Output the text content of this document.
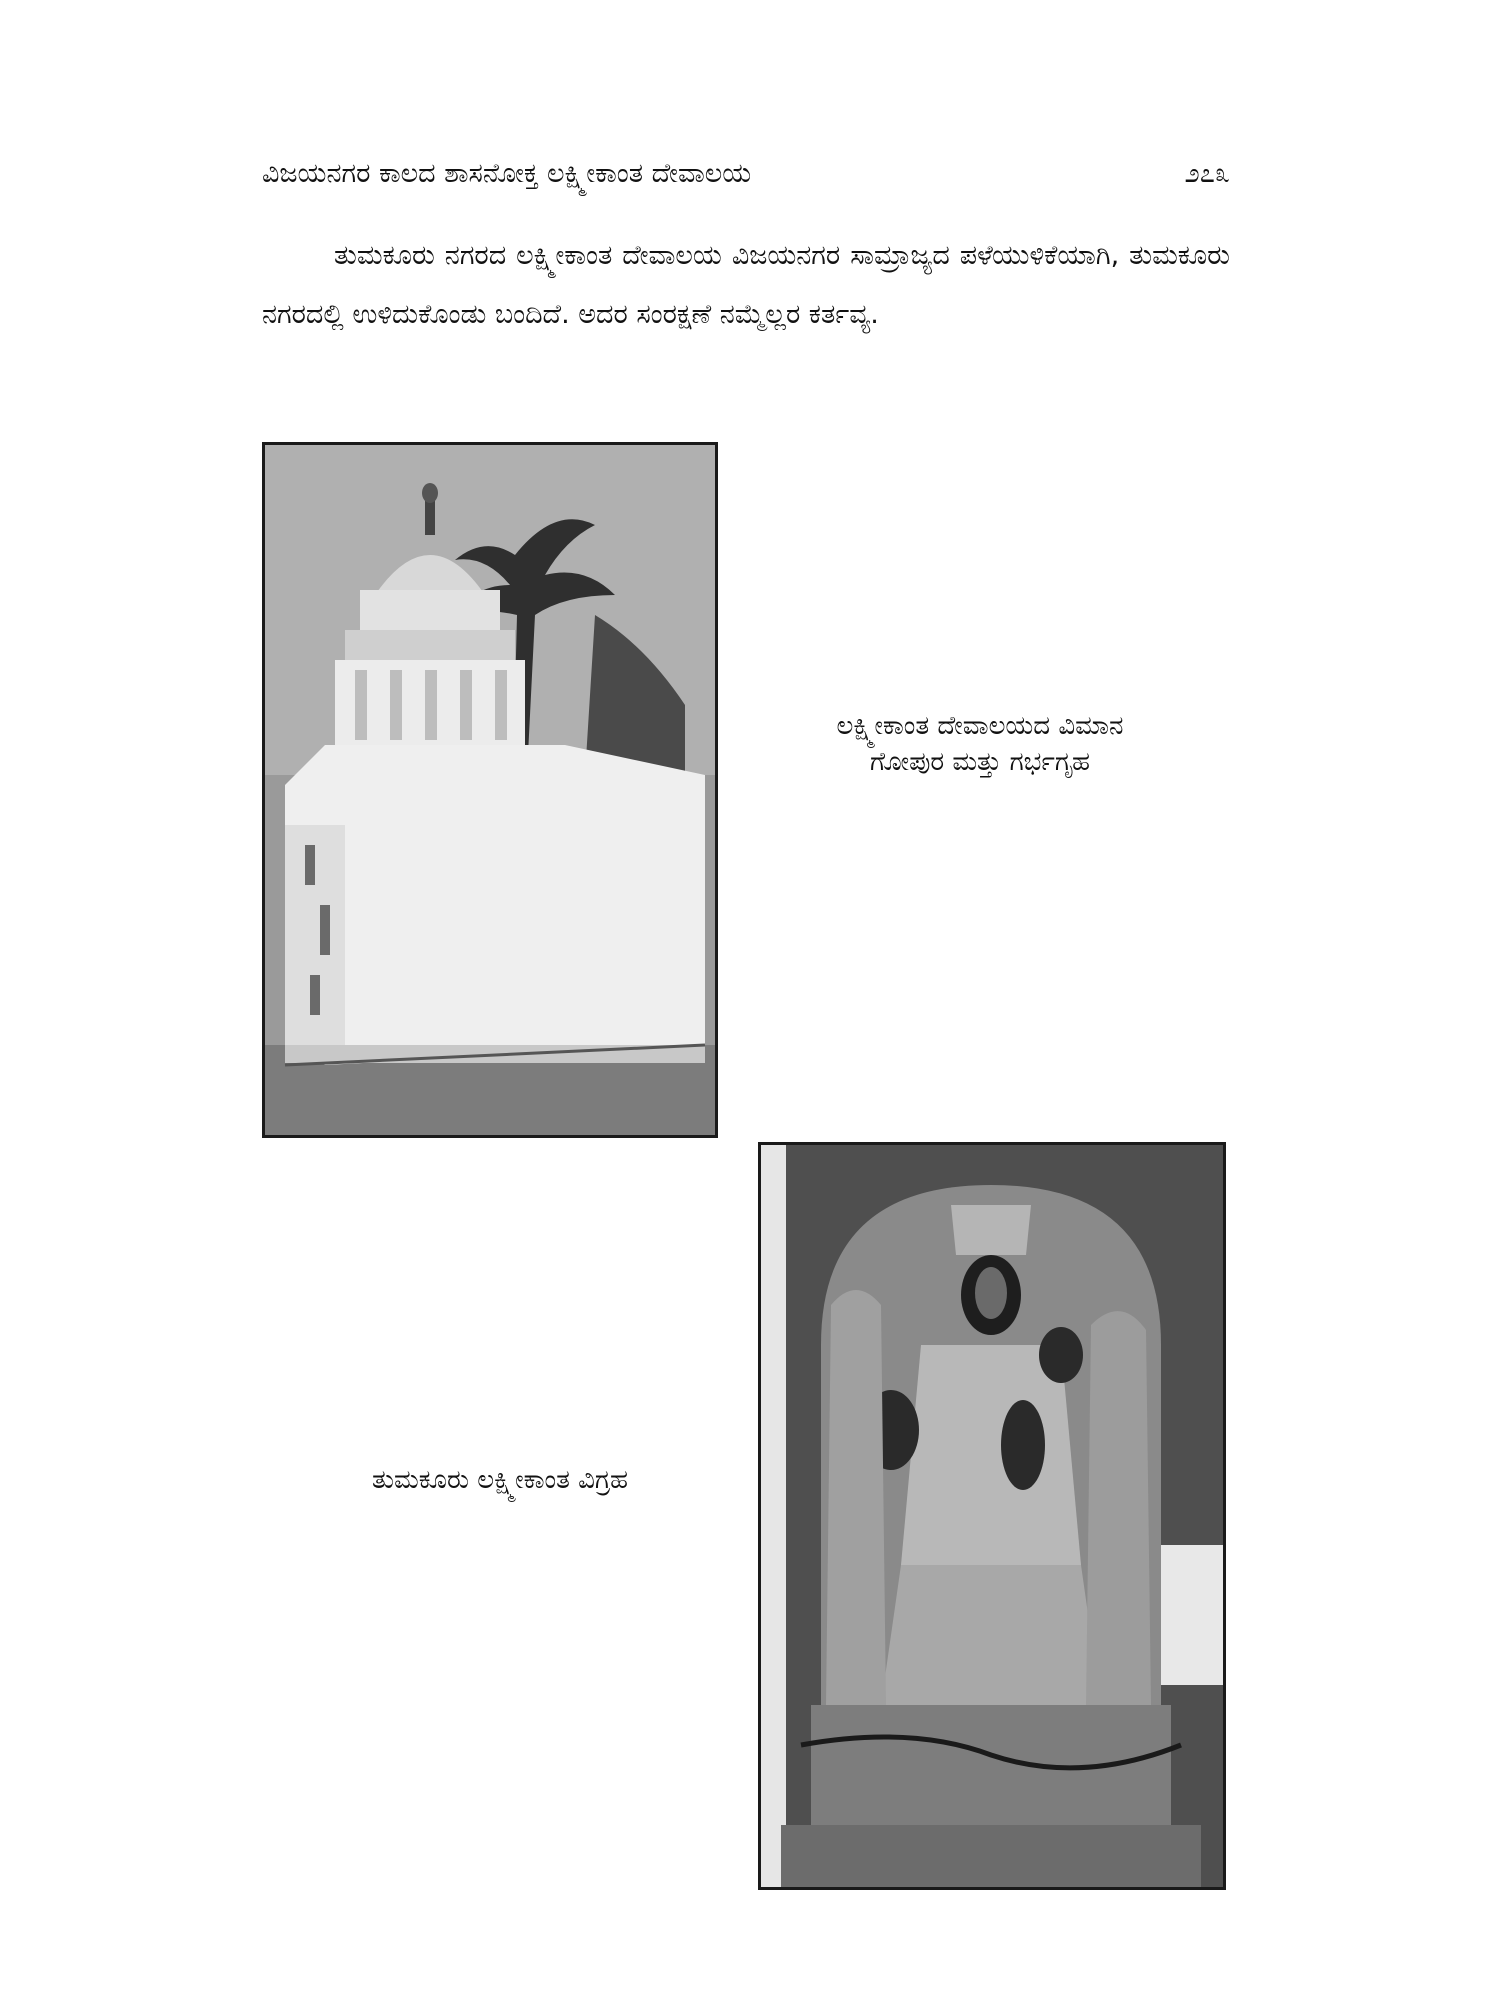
ವಿಜಯನಗರ ಕಾಲದ ಶಾಸನೋಕ್ತ ಲಕ್ಷ್ಮೀಕಾಂತ ದೇವಾಲಯ	೨೭೩

ತುಮಕೂರು ನಗರದ ಲಕ್ಷ್ಮೀಕಾಂತ ದೇವಾಲಯ ವಿಜಯನಗರ ಸಾಮ್ರಾಜ್ಯದ ಪಳೆಯುಳಿಕೆಯಾಗಿ, ತುಮಕೂರು ನಗರದಲ್ಲಿ ಉಳಿದುಕೊಂಡು ಬಂದಿದೆ. ಅದರ ಸಂರಕ್ಷಣೆ ನಮ್ಮೆಲ್ಲರ ಕರ್ತವ್ಯ.

ಲಕ್ಷ್ಮೀಕಾಂತ ದೇವಾಲಯದ ವಿಮಾನ
ಗೋಪುರ ಮತ್ತು ಗರ್ಭಗೃಹ
ತುಮಕೂರು ಲಕ್ಷ್ಮೀಕಾಂತ ವಿಗ್ರಹ
